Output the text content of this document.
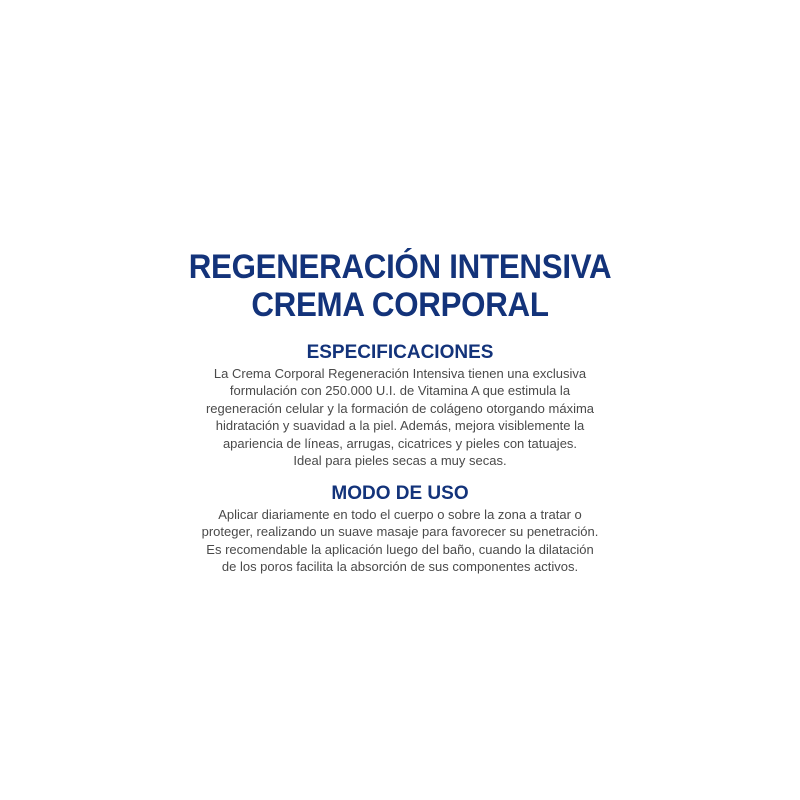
REGENERACIÓN INTENSIVA
CREMA CORPORAL
ESPECIFICACIONES
La Crema Corporal Regeneración Intensiva tienen una exclusiva
formulación con 250.000 U.I. de Vitamina A que estimula la
regeneración celular y la formación de colágeno otorgando máxima
hidratación y suavidad a la piel. Además, mejora visiblemente la
apariencia de líneas, arrugas, cicatrices y pieles con tatuajes.
Ideal para pieles secas a muy secas.
MODO DE USO
Aplicar diariamente en todo el cuerpo o sobre la zona a tratar o
proteger, realizando un suave masaje para favorecer su penetración.
Es recomendable la aplicación luego del baño, cuando la dilatación
de los poros facilita la absorción de sus componentes activos.
